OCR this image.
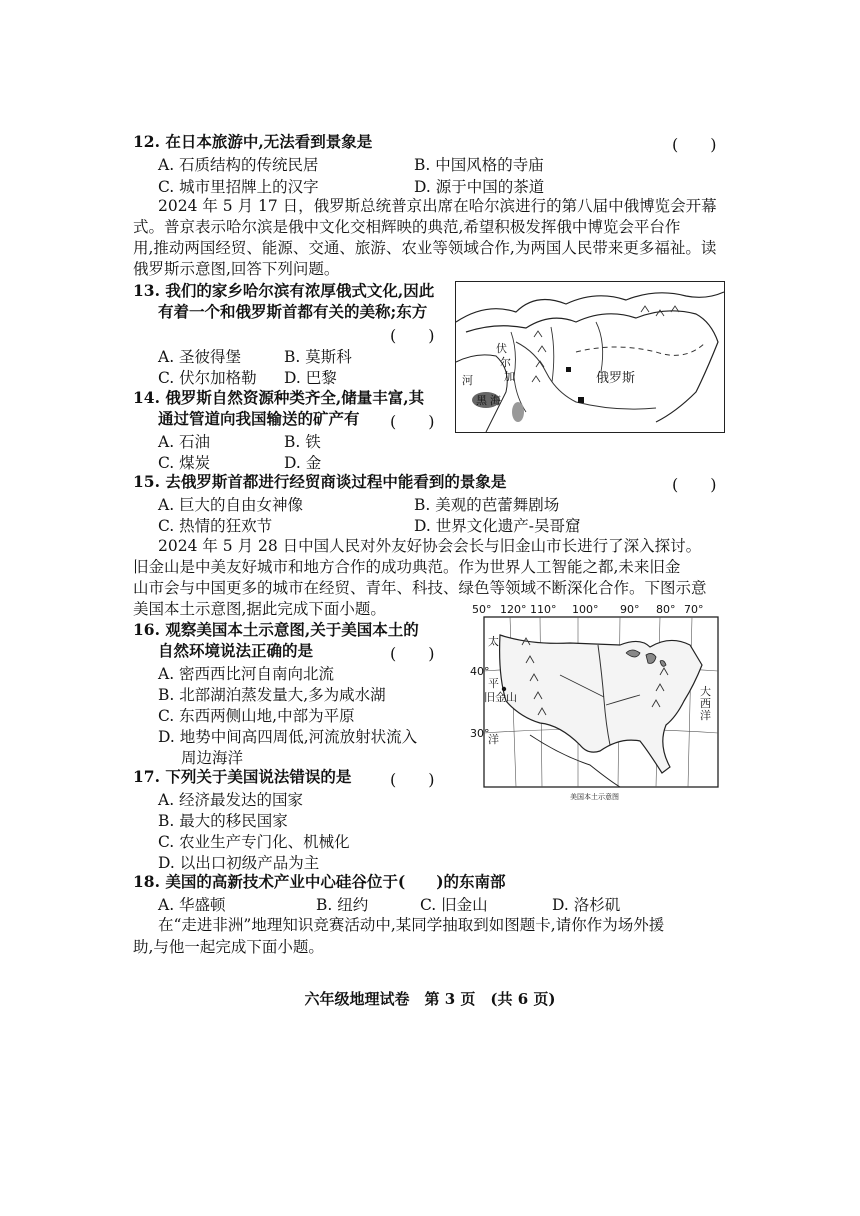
12. 在日本旅游中,无法看到景象是	(　　)
A. 石质结构的传统民居	B. 中国风格的寺庙
C. 城市里招牌上的汉字	D. 源于中国的茶道
2024 年 5 月 17 日，俄罗斯总统普京出席在哈尔滨进行的第八届中俄博览会开幕
式。普京表示哈尔滨是俄中文化交相辉映的典范,希望积极发挥俄中博览会平台作
用,推动两国经贸、能源、交通、旅游、农业等领域合作,为两国人民带来更多福祉。读
俄罗斯示意图,回答下列问题。
13. 我们的家乡哈尔滨有浓厚俄式文化,因此
有着一个和俄罗斯首都有关的美称;东方
(　　)
A. 圣彼得堡	B. 莫斯科
C. 伏尔加格勒 D. 巴黎	俄罗斯
伏
尔
加
河
黑 海
14. 俄罗斯自然资源种类齐全,储量丰富,其
通过管道向我国输送的矿产有 (　　)
A. 石油	B. 铁
C. 煤炭	D. 金
15. 去俄罗斯首都进行经贸商谈过程中能看到的景象是	(　　)
A. 巨大的自由女神像	B. 美观的芭蕾舞剧场
C. 热情的狂欢节	D. 世界文化遗产-吴哥窟
2024 年 5 月 28 日中国人民对外友好协会会长与旧金山市长进行了深入探讨。
旧金山是中美友好城市和地方合作的成功典范。作为世界人工智能之都,未来旧金
山市会与中国更多的城市在经贸、青年、科技、绿色等领域不断深化合作。下图示意
美国本土示意图,据此完成下面小题。
16. 观察美国本土示意图,关于美国本土的
自然环境说法正确的是	(　　)
A. 密西西比河自南向北流
B. 北部湖泊蒸发量大,多为咸水湖
C. 东西两侧山地,中部为平原
D. 地势中间高四周低,河流放射状流入
周边海洋
50° 120° 110° 100° 90° 80° 70°
40°
30°
旧金山
太
平
洋
大
西
洋
美国本土示意图
17. 下列关于美国说法错误的是 (　　)
A. 经济最发达的国家
B. 最大的移民国家
C. 农业生产专门化、机械化
D. 以出口初级产品为主
18. 美国的高新技术产业中心硅谷位于(　　)的东南部
A. 华盛顿	B. 纽约	C. 旧金山	D. 洛杉矶
在“走进非洲”地理知识竞赛活动中,某同学抽取到如图题卡,请你作为场外援
助,与他一起完成下面小题。
六年级地理试卷　第 3 页　(共 6 页)
